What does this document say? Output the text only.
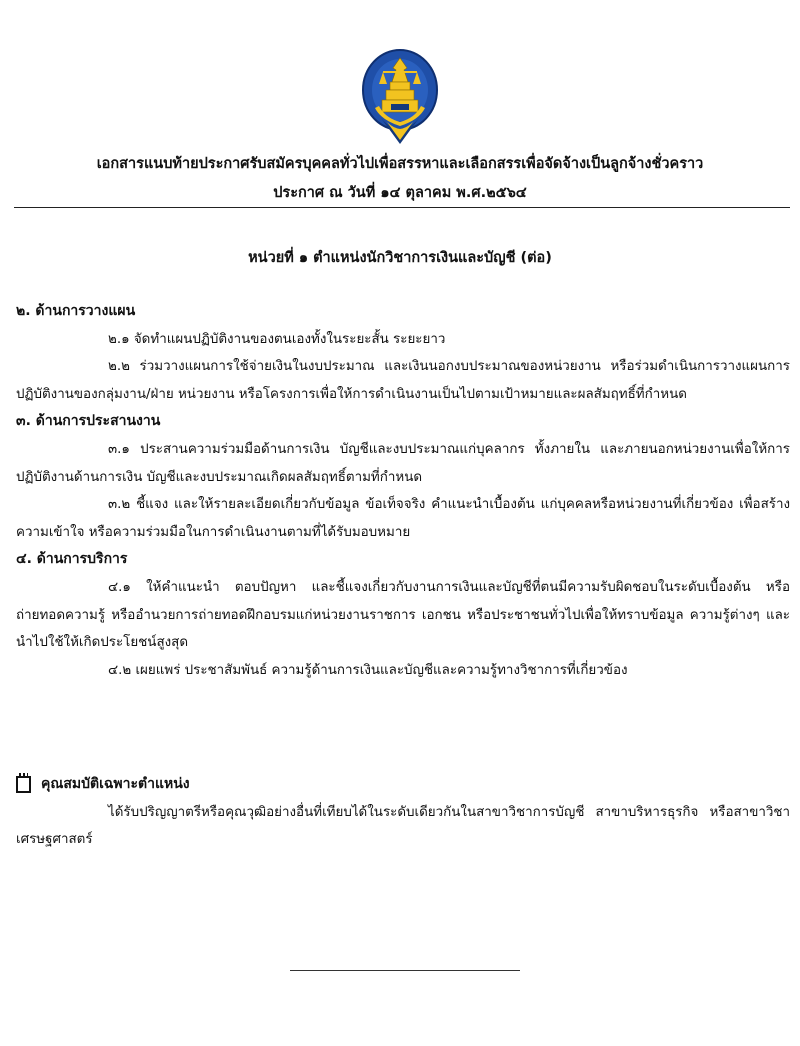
เอกสารแนบท้ายประกาศรับสมัครบุคคลทั่วไปเพื่อสรรหาและเลือกสรรเพื่อจัดจ้างเป็นลูกจ้างชั่วคราว
ประกาศ ณ วันที่ ๑๔ ตุลาคม พ.ศ.๒๕๖๔
หน่วยที่ ๑ ตำแหน่งนักวิชาการเงินและบัญชี (ต่อ)
๒. ด้านการวางแผน
๒.๑ จัดทำแผนปฏิบัติงานของตนเองทั้งในระยะสั้น ระยะยาว
๒.๒ ร่วมวางแผนการใช้จ่ายเงินในงบประมาณ และเงินนอกงบประมาณของหน่วยงาน หรือร่วมดำเนินการวางแผนการปฏิบัติงานของกลุ่มงาน/ฝ่าย หน่วยงาน หรือโครงการเพื่อให้การดำเนินงานเป็นไปตามเป้าหมายและผลสัมฤทธิ์ที่กำหนด
๓. ด้านการประสานงาน
๓.๑ ประสานความร่วมมือด้านการเงิน บัญชีและงบประมาณแก่บุคลากร ทั้งภายใน และภายนอกหน่วยงานเพื่อให้การปฏิบัติงานด้านการเงิน บัญชีและงบประมาณเกิดผลสัมฤทธิ์ตามที่กำหนด
๓.๒ ชี้แจง และให้รายละเอียดเกี่ยวกับข้อมูล ข้อเท็จจริง คำแนะนำเบื้องต้น แก่บุคคลหรือหน่วยงานที่เกี่ยวข้อง เพื่อสร้างความเข้าใจ หรือความร่วมมือในการดำเนินงานตามที่ได้รับมอบหมาย
๔. ด้านการบริการ
๔.๑ ให้คำแนะนำ ตอบปัญหา และชี้แจงเกี่ยวกับงานการเงินและบัญชีที่ตนมีความรับผิดชอบในระดับเบื้องต้น หรือถ่ายทอดความรู้ หรืออำนวยการถ่ายทอดฝึกอบรมแก่หน่วยงานราชการ เอกชน หรือประชาชนทั่วไปเพื่อให้ทราบข้อมูล ความรู้ต่างๆ และนำไปใช้ให้เกิดประโยชน์สูงสุด
๔.๒ เผยแพร่ ประชาสัมพันธ์ ความรู้ด้านการเงินและบัญชีและความรู้ทางวิชาการที่เกี่ยวข้อง
คุณสมบัติเฉพาะตำแหน่ง
ได้รับปริญญาตรีหรือคุณวุฒิอย่างอื่นที่เทียบได้ในระดับเดียวกันในสาขาวิชาการบัญชี สาขาบริหารธุรกิจ หรือสาขาวิชาเศรษฐศาสตร์
